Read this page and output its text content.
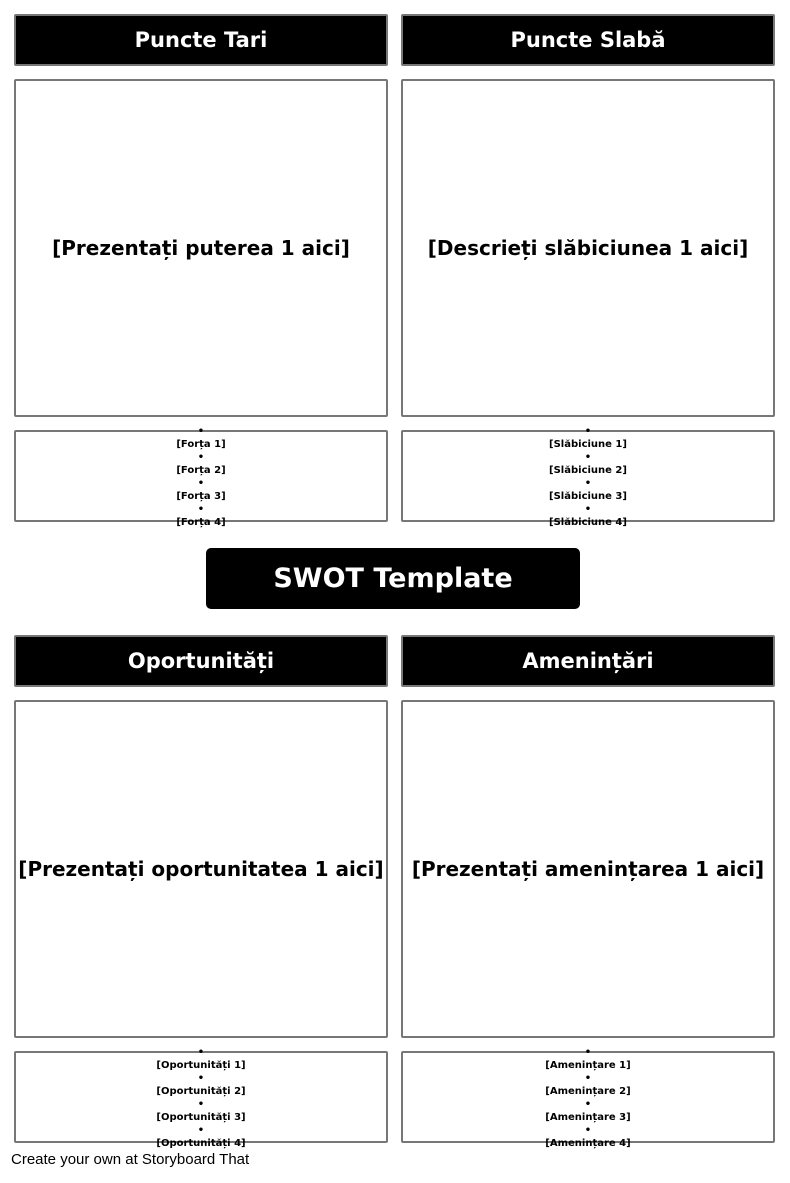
Puncte Tari
[Prezentați puterea 1 aici]
•
[Forța 1]
•
[Forța 2]
•
[Forța 3]
•
[Forța 4]
Puncte Slabă
[Descrieți slăbiciunea 1 aici]
•
[Slăbiciune 1]
•
[Slăbiciune 2]
•
[Slăbiciune 3]
•
[Slăbiciune 4]
SWOT Template
Oportunități
[Prezentați oportunitatea 1 aici]
•
[Oportunități 1]
•
[Oportunități 2]
•
[Oportunități 3]
•
[Oportunități 4]
Amenințări
[Prezentați amenințarea 1 aici]
•
[Amenințare 1]
•
[Amenințare 2]
•
[Amenințare 3]
•
[Amenințare 4]
Create your own at Storyboard That
